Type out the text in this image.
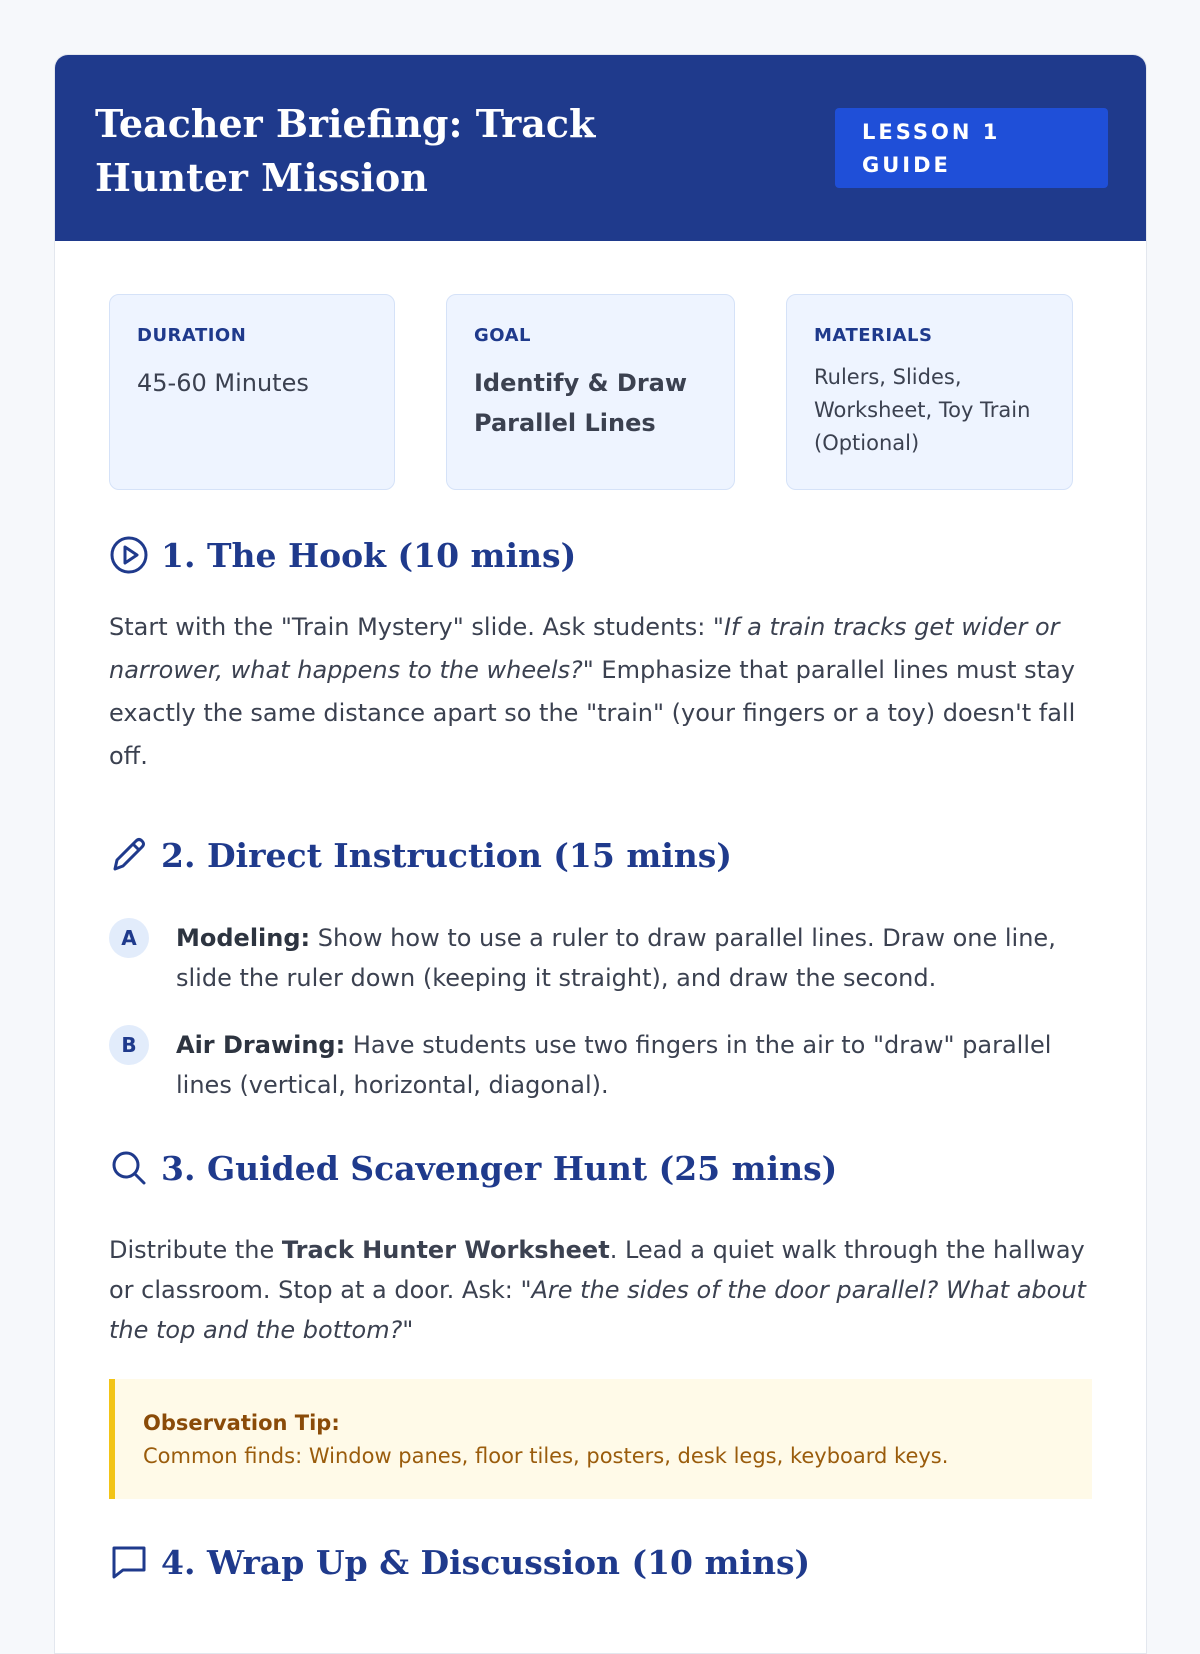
Teacher Briefing: Track Hunter Mission
LESSON 1 GUIDE
DURATION
45-60 Minutes
GOAL
Identify & Draw Parallel Lines
MATERIALS
Rulers, Slides, Worksheet, Toy Train (Optional)
1. The Hook (10 mins)

Start with the "Train Mystery" slide. Ask students: "If a train tracks get wider or narrower, what happens to the wheels?" Emphasize that parallel lines must stay exactly the same distance apart so the "train" (your fingers or a toy) doesn't fall off.

2. Direct Instruction (15 mins)
A	Modeling: Show how to use a ruler to draw parallel lines. Draw one line, slide the ruler down (keeping it straight), and draw the second.
B	Air Drawing: Have students use two fingers in the air to "draw" parallel lines (vertical, horizontal, diagonal).
3. Guided Scavenger Hunt (25 mins)

Distribute the Track Hunter Worksheet. Lead a quiet walk through the hallway or classroom. Stop at a door. Ask: "Are the sides of the door parallel? What about the top and the bottom?"

Observation Tip:
Common finds: Window panes, floor tiles, posters, desk legs, keyboard keys.
4. Wrap Up & Discussion (10 mins)
